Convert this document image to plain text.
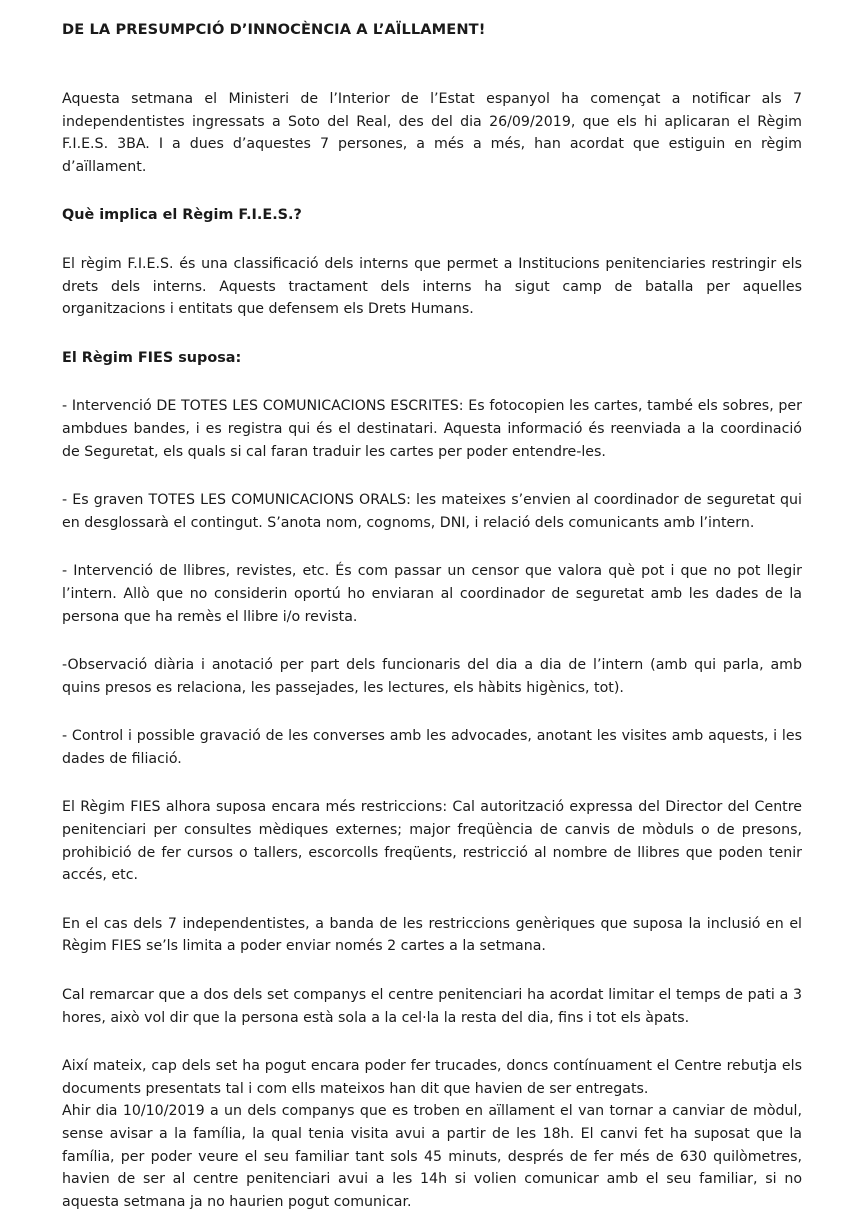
DE LA PRESUMPCIÓ D’INNOCÈNCIA A L’AÏLLAMENT!

Aquesta setmana el Ministeri de l’Interior de l’Estat espanyol ha començat a notificar als 7 independentistes ingressats a Soto del Real, des del dia 26/09/2019, que els hi aplicaran el Règim F.I.E.S. 3BA. I a dues d’aquestes 7 persones, a més a més, han acordat que estiguin en règim d’aïllament.

Què implica el Règim F.I.E.S.?

El règim F.I.E.S. és una classificació dels interns que permet a Institucions penitenciaries restringir els drets dels interns. Aquests tractament dels interns ha sigut camp de batalla per aquelles organitzacions i entitats que defensem els Drets Humans.

El Règim FIES suposa:

- Intervenció DE TOTES LES COMUNICACIONS ESCRITES: Es fotocopien les cartes, també els sobres, per ambdues bandes, i es registra qui és el destinatari. Aquesta informació és reenviada a la coordinació de Seguretat, els quals si cal faran traduir les cartes per poder entendre-les.

- Es graven TOTES LES COMUNICACIONS ORALS: les mateixes s’envien al coordinador de seguretat qui en desglossarà el contingut. S’anota nom, cognoms, DNI, i relació dels comunicants amb l’intern.

- Intervenció de llibres, revistes, etc. És com passar un censor que valora què pot i que no pot llegir l’intern. Allò que no considerin oportú ho enviaran al coordinador de seguretat amb les dades de la persona que ha remès el llibre i/o revista.

-Observació diària i anotació per part dels funcionaris del dia a dia de l’intern (amb qui parla, amb quins presos es relaciona, les passejades, les lectures, els hàbits higènics, tot).

- Control i possible gravació de les converses amb les advocades, anotant les visites amb aquests, i les dades de filiació.

El Règim FIES alhora suposa encara més restriccions: Cal autorització expressa del Director del Centre penitenciari per consultes mèdiques externes; major freqüència de canvis de mòduls o de presons, prohibició de fer cursos o tallers, escorcolls freqüents, restricció al nombre de llibres que poden tenir accés, etc.

En el cas dels 7 independentistes, a banda de les restriccions genèriques que suposa la inclusió en el Règim FIES se’ls limita a poder enviar només 2 cartes a la setmana.

Cal remarcar que a dos dels set companys el centre penitenciari ha acordat limitar el temps de pati a 3 hores, això vol dir que la persona està sola a la cel·la la resta del dia, fins i tot els àpats.

Així mateix, cap dels set ha pogut encara poder fer trucades, doncs contínuament el Centre rebutja els documents presentats tal i com ells mateixos han dit que havien de ser entregats.

Ahir dia 10/10/2019 a un dels companys que es troben en aïllament el van tornar a canviar de mòdul, sense avisar a la família, la qual tenia visita avui a partir de les 18h. El canvi fet ha suposat que la família, per poder veure el seu familiar tant sols 45 minuts, després de fer més de 630 quilòmetres, havien de ser al centre penitenciari avui a les 14h si volien comunicar amb el seu familiar, si no aquesta setmana ja no haurien pogut comunicar.
